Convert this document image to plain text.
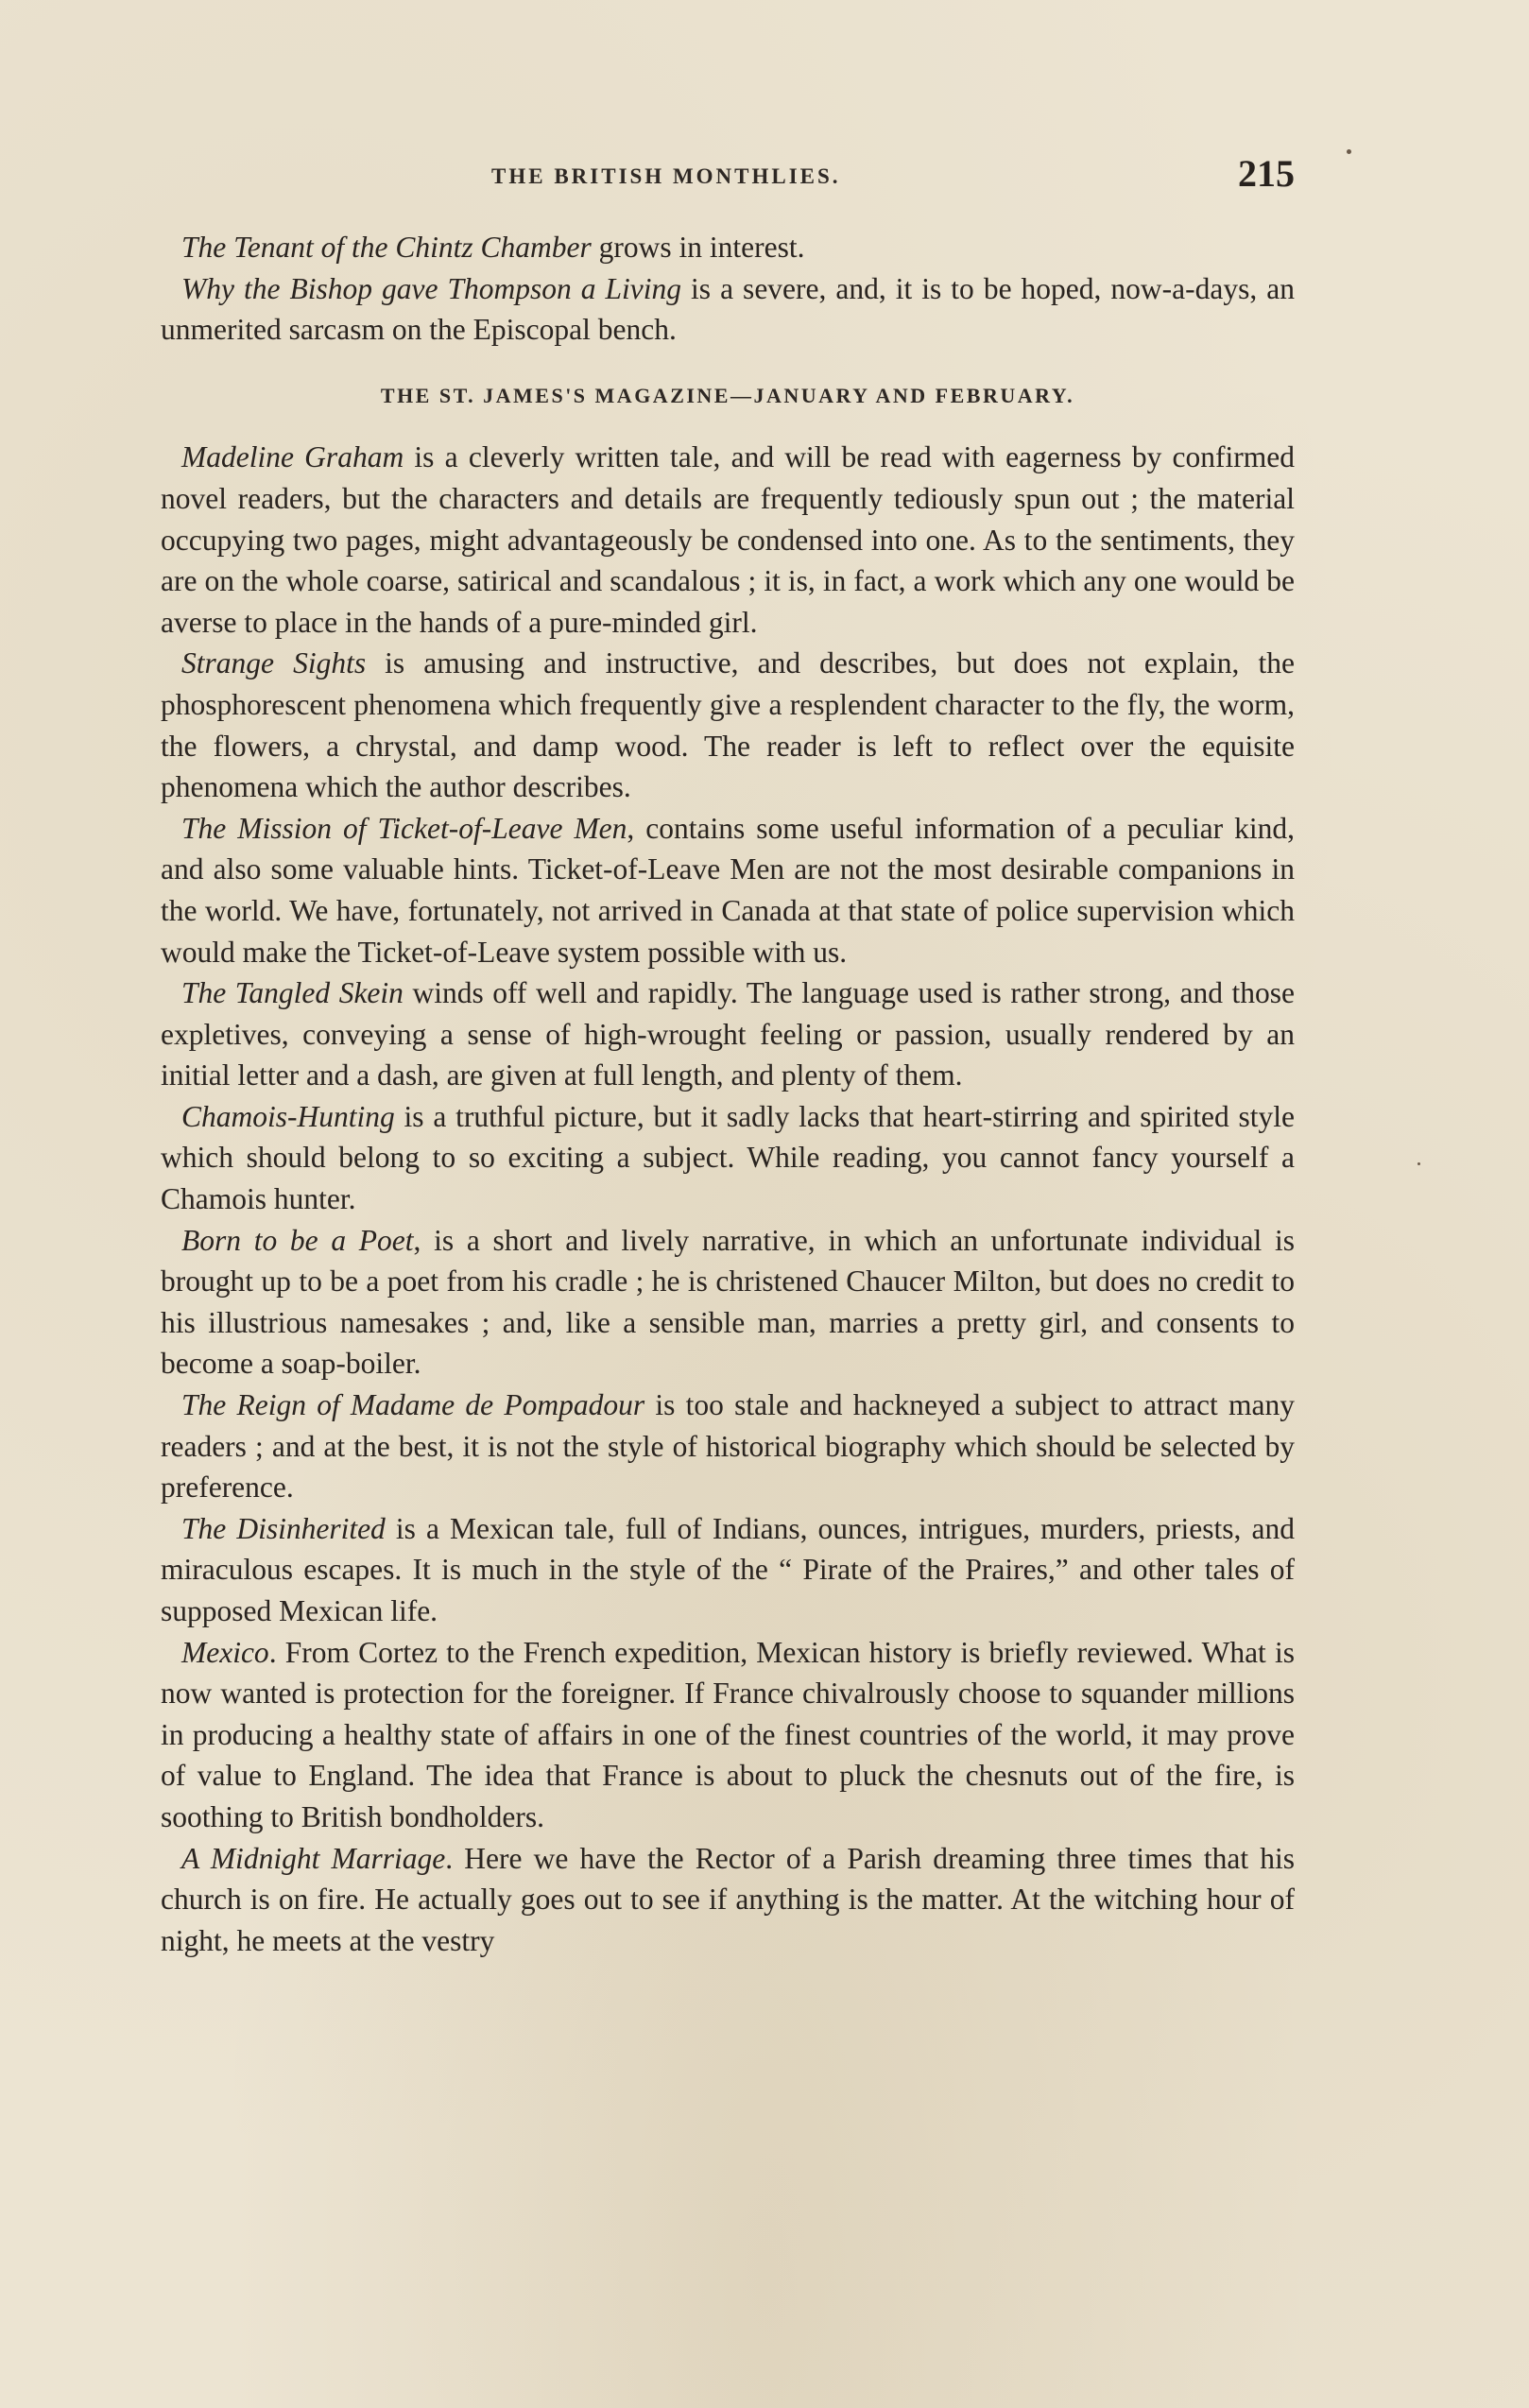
THE BRITISH MONTHLIES.	215

The Tenant of the Chintz Chamber grows in interest.

Why the Bishop gave Thompson a Living is a severe, and, it is to be hoped, now-a-days, an unmerited sarcasm on the Episcopal bench.

THE ST. JAMES'S MAGAZINE—JANUARY AND FEBRUARY.

Madeline Graham is a cleverly written tale, and will be read with eagerness by confirmed novel readers, but the characters and details are frequently tediously spun out ; the material occupying two pages, might advantageously be condensed into one. As to the sentiments, they are on the whole coarse, satirical and scandalous ; it is, in fact, a work which any one would be averse to place in the hands of a pure-minded girl.

Strange Sights is amusing and instructive, and describes, but does not explain, the phosphorescent phenomena which frequently give a resplendent character to the fly, the worm, the flowers, a chrystal, and damp wood. The reader is left to reflect over the equisite phenomena which the author describes.

The Mission of Ticket-of-Leave Men, contains some useful information of a peculiar kind, and also some valuable hints. Ticket-of-Leave Men are not the most desirable companions in the world. We have, fortunately, not arrived in Canada at that state of police supervision which would make the Ticket-of-Leave system possible with us.

The Tangled Skein winds off well and rapidly. The language used is rather strong, and those expletives, conveying a sense of high-wrought feeling or passion, usually rendered by an initial letter and a dash, are given at full length, and plenty of them.

Chamois-Hunting is a truthful picture, but it sadly lacks that heart-stirring and spirited style which should belong to so exciting a subject. While reading, you cannot fancy yourself a Chamois hunter.

Born to be a Poet, is a short and lively narrative, in which an unfortunate individual is brought up to be a poet from his cradle ; he is christened Chaucer Milton, but does no credit to his illustrious namesakes ; and, like a sensible man, marries a pretty girl, and consents to become a soap-boiler.

The Reign of Madame de Pompadour is too stale and hackneyed a subject to attract many readers ; and at the best, it is not the style of historical biography which should be selected by preference.

The Disinherited is a Mexican tale, full of Indians, ounces, intrigues, murders, priests, and miraculous escapes. It is much in the style of the “ Pirate of the Praires,” and other tales of supposed Mexican life.

Mexico. From Cortez to the French expedition, Mexican history is briefly reviewed. What is now wanted is protection for the foreigner. If France chivalrously choose to squander millions in producing a healthy state of affairs in one of the finest countries of the world, it may prove of value to England. The idea that France is about to pluck the chesnuts out of the fire, is soothing to British bondholders.

A Midnight Marriage. Here we have the Rector of a Parish dreaming three times that his church is on fire. He actually goes out to see if anything is the matter. At the witching hour of night, he meets at the vestry
